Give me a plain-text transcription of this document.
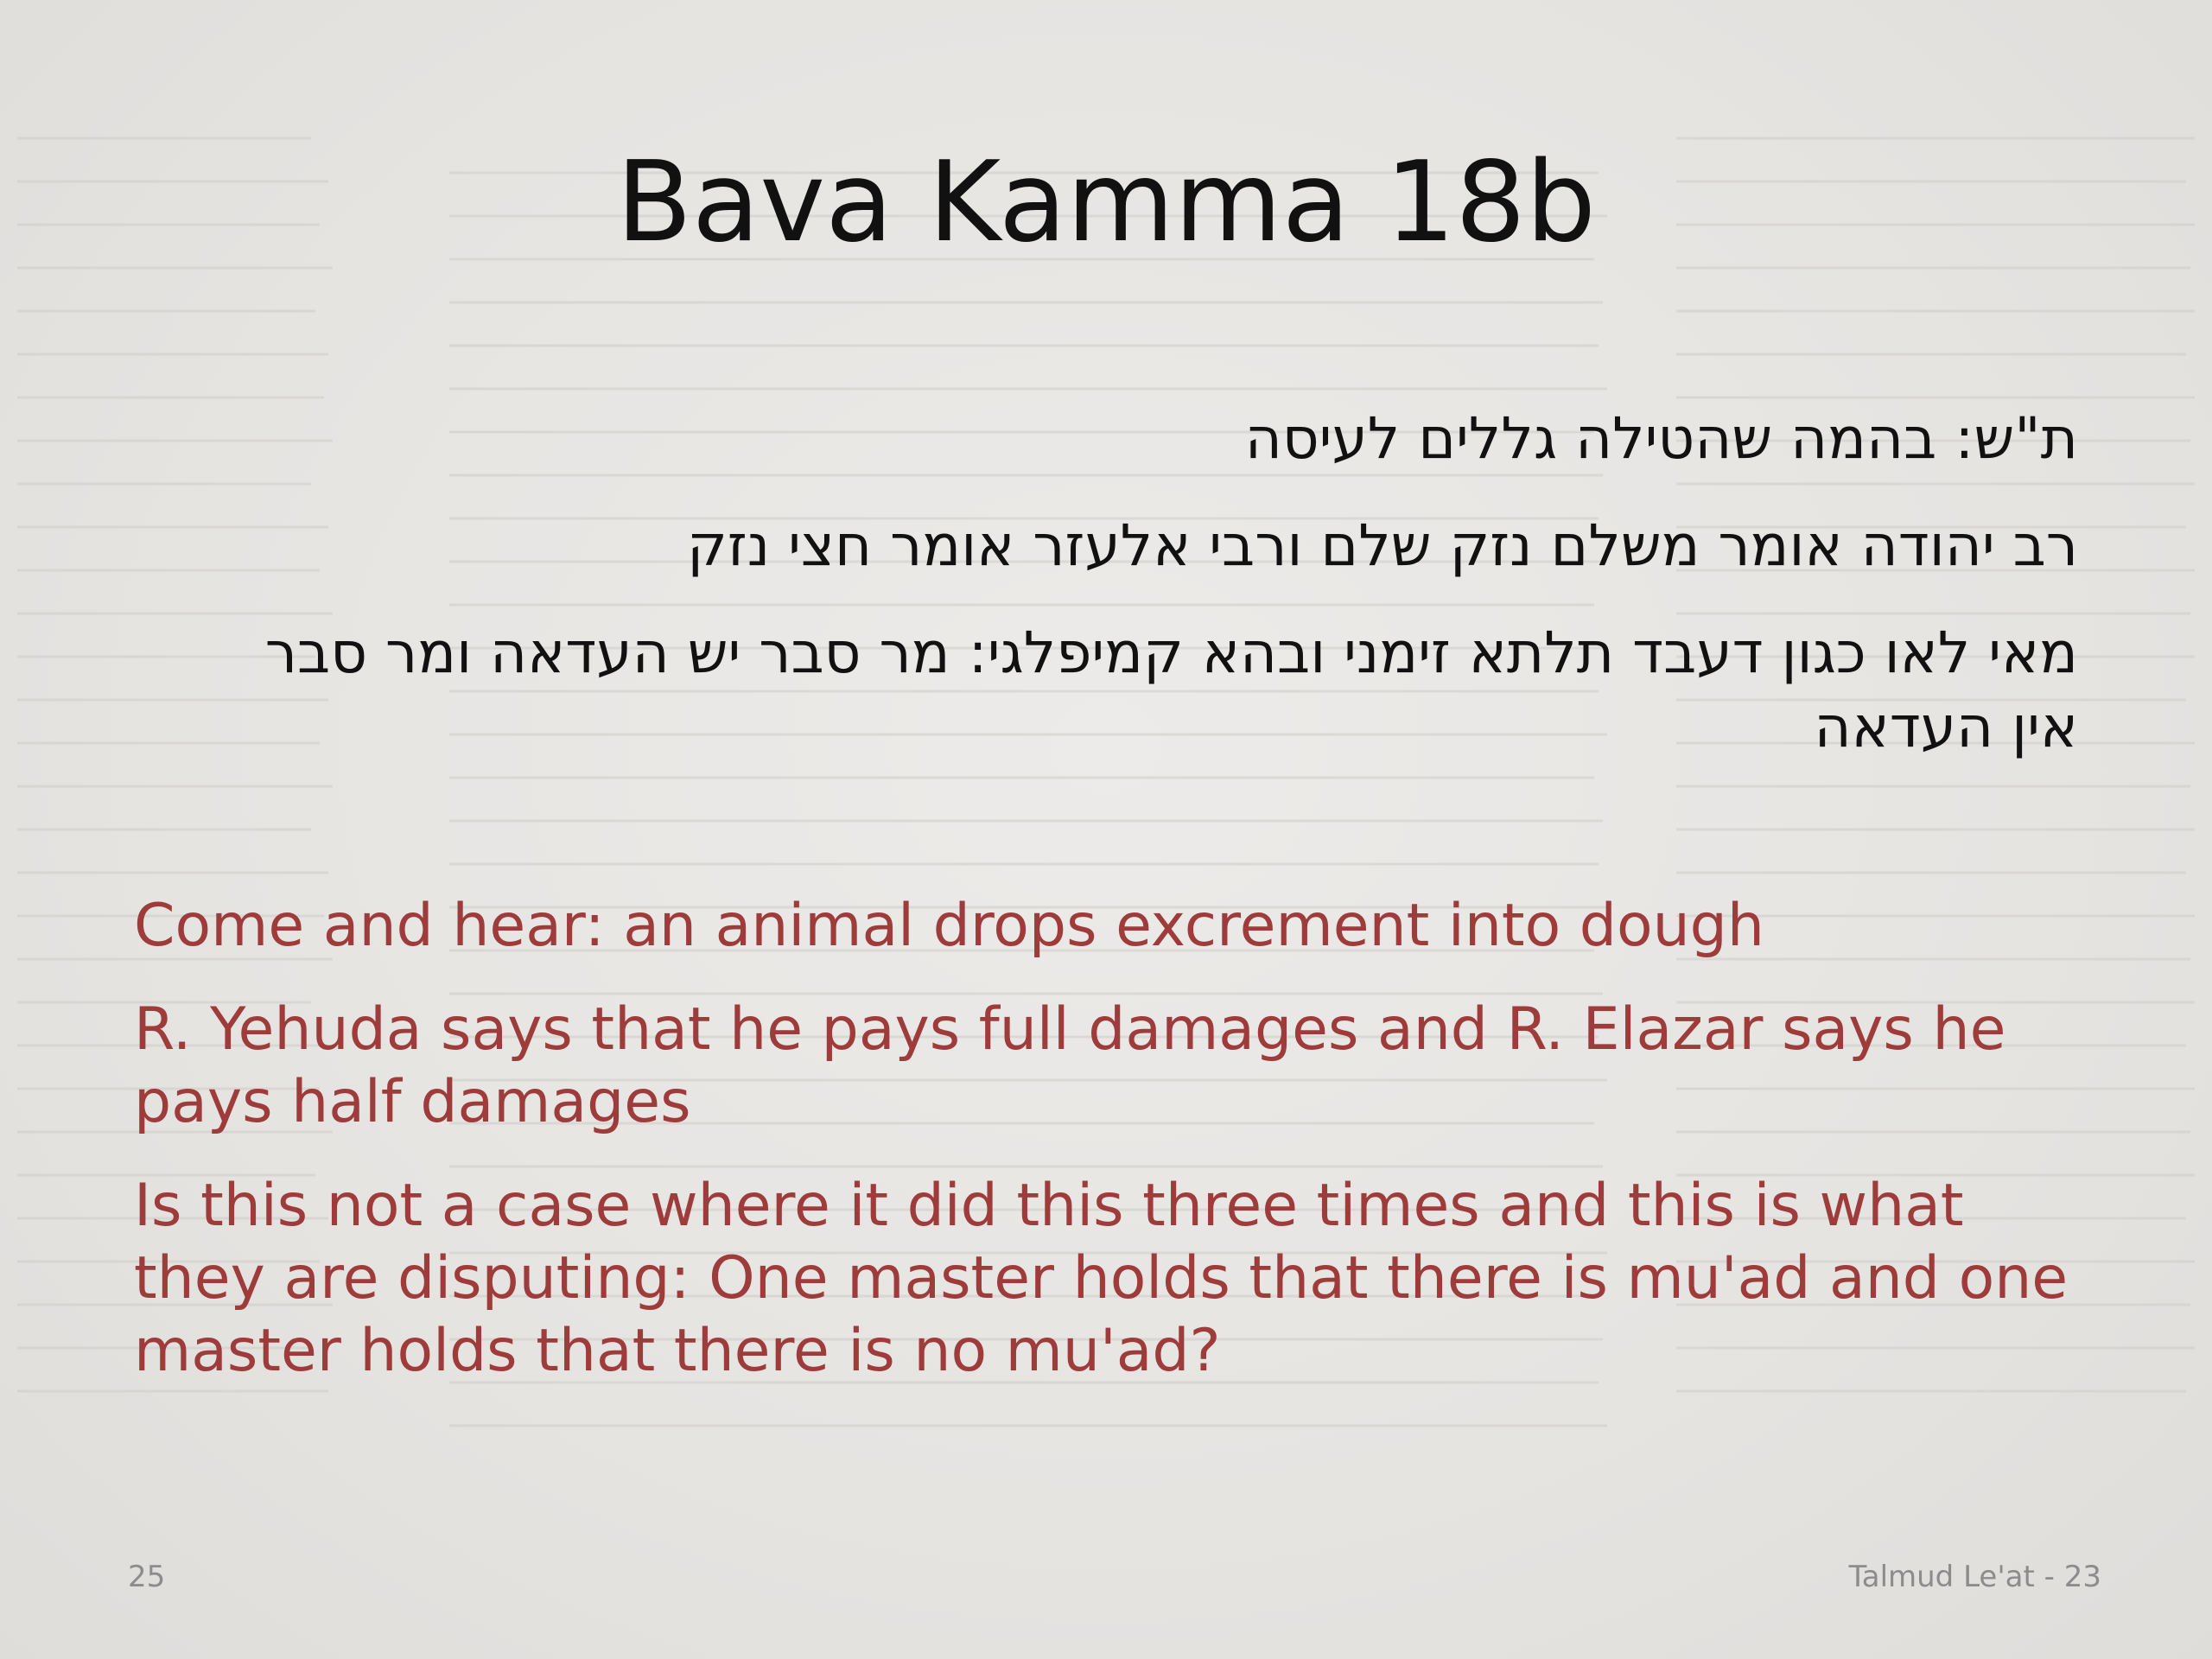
Bava Kamma 18b

ת"ש: בהמה שהטילה גללים לעיסה

רב יהודה אומר משלם נזק שלם ורבי אלעזר אומר חצי נזק

מאי לאו כגון דעבד תלתא זימני ובהא קמיפלגי: מר סבר יש העדאה ומר סבר אין העדאה

Come and hear: an animal drops excrement into dough

R. Yehuda says that he pays full damages and R. Elazar says he pays half damages

Is this not a case where it did this three times and this is what they are disputing: One master holds that there is mu'ad and one master holds that there is no mu'ad?

25	Talmud Le'at - 23
